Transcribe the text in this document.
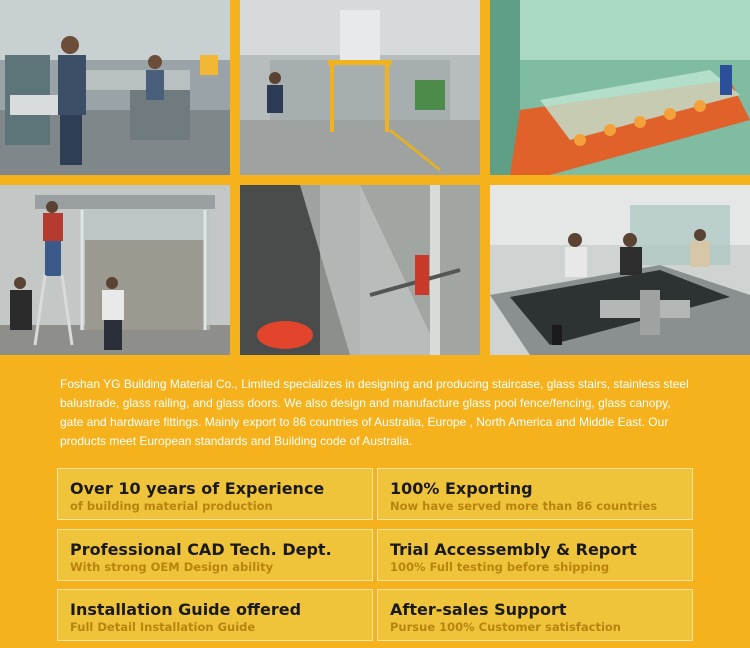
Foshan YG Building Material Co., Limited specializes in designing and producing staircase, glass stairs, stainless steel balustrade, glass railing, and glass doors. We also design and manufacture glass pool fence/fencing, glass canopy, gate and hardware fittings. Mainly export to 86 countries of Australia, Europe , North America and Middle East. Our products meet European standards and Building code of Australia.

Over 10 years of Experience
of building material production
100% Exporting
Now have served more than 86 countries
Professional CAD Tech. Dept.
With strong OEM Design ability
Trial Accessembly & Report
100% Full testing before shipping
Installation Guide offered
Full Detail Installation Guide
After-sales Support
Pursue 100% Customer satisfaction
